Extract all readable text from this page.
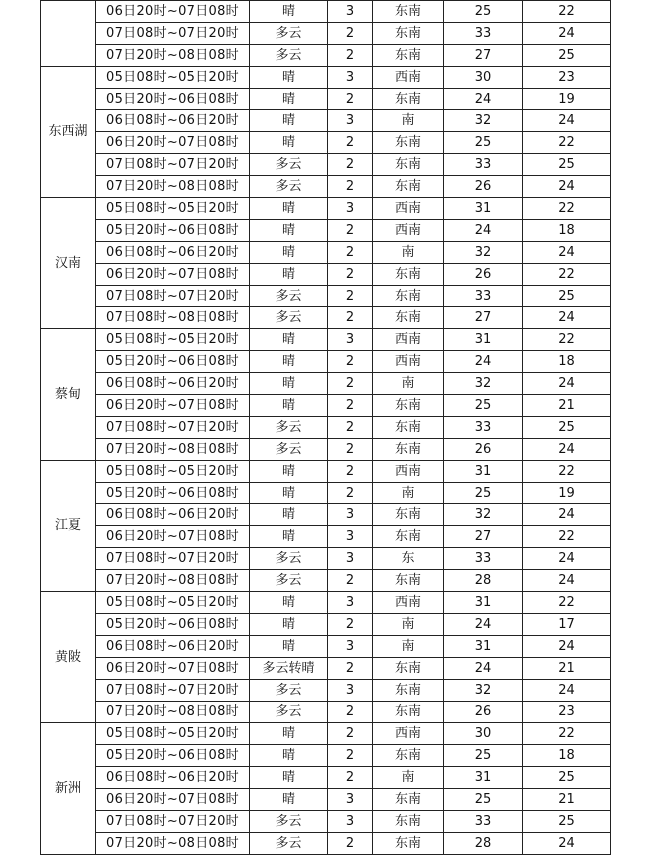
	06日20时~07日08时	晴	3	东南	25	22
	07日08时~07日20时	多云	2	东南	33	24
	07日20时~08日08时	多云	2	东南	27	25
东西湖	05日08时~05日20时	晴	3	西南	30	23
	05日20时~06日08时	晴	2	东南	24	19
	06日08时~06日20时	晴	3	南	32	24
	06日20时~07日08时	晴	2	东南	25	22
	07日08时~07日20时	多云	2	东南	33	25
	07日20时~08日08时	多云	2	东南	26	24
汉南	05日08时~05日20时	晴	3	西南	31	22
	05日20时~06日08时	晴	2	西南	24	18
	06日08时~06日20时	晴	2	南	32	24
	06日20时~07日08时	晴	2	东南	26	22
	07日08时~07日20时	多云	2	东南	33	25
	07日08时~08日08时	多云	2	东南	27	24
蔡甸	05日08时~05日20时	晴	3	西南	31	22
	05日20时~06日08时	晴	2	西南	24	18
	06日08时~06日20时	晴	2	南	32	24
	06日20时~07日08时	晴	2	东南	25	21
	07日08时~07日20时	多云	2	东南	33	25
	07日20时~08日08时	多云	2	东南	26	24
江夏	05日08时~05日20时	晴	2	西南	31	22
	05日20时~06日08时	晴	2	南	25	19
	06日08时~06日20时	晴	3	东南	32	24
	06日20时~07日08时	晴	3	东南	27	22
	07日08时~07日20时	多云	3	东	33	24
	07日20时~08日08时	多云	2	东南	28	24
黄陂	05日08时~05日20时	晴	3	西南	31	22
	05日20时~06日08时	晴	2	南	24	17
	06日08时~06日20时	晴	3	南	31	24
	06日20时~07日08时	多云转晴	2	东南	24	21
	07日08时~07日20时	多云	3	东南	32	24
	07日20时~08日08时	多云	2	东南	26	23
新洲	05日08时~05日20时	晴	2	西南	30	22
	05日20时~06日08时	晴	2	东南	25	18
	06日08时~06日20时	晴	2	南	31	25
	06日20时~07日08时	晴	3	东南	25	21
	07日08时~07日20时	多云	3	东南	33	25
	07日20时~08日08时	多云	2	东南	28	24
